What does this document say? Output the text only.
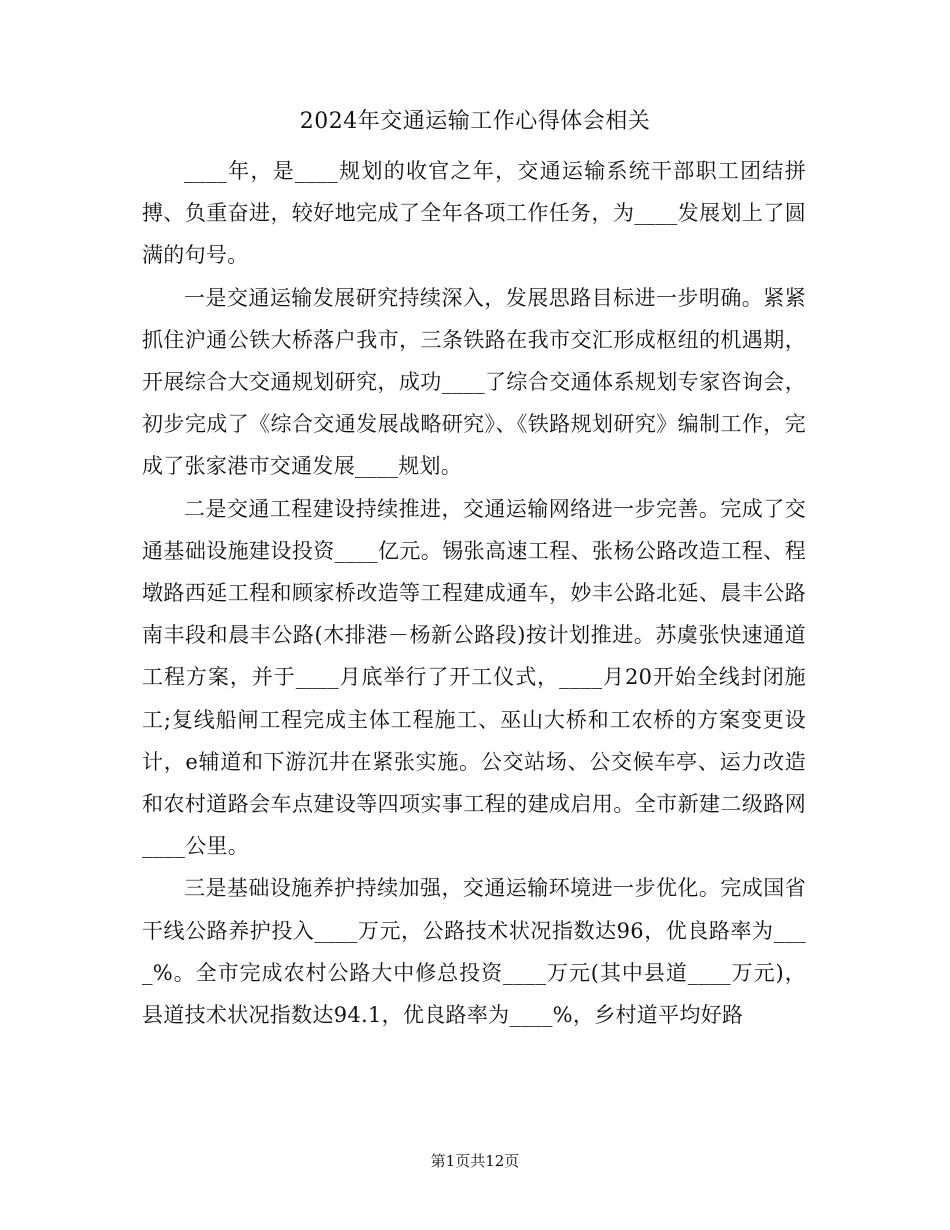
2024年交通运输工作心得体会相关

____年，是____规划的收官之年，交通运输系统干部职工团结拼搏、负重奋进，较好地完成了全年各项工作任务，为____发展划上了圆满的句号。

一是交通运输发展研究持续深入，发展思路目标进一步明确。紧紧抓住沪通公铁大桥落户我市，三条铁路在我市交汇形成枢纽的机遇期，开展综合大交通规划研究，成功____了综合交通体系规划专家咨询会，初步完成了《综合交通发展战略研究》、《铁路规划研究》编制工作，完成了张家港市交通发展____规划。

二是交通工程建设持续推进，交通运输网络进一步完善。完成了交通基础设施建设投资____亿元。锡张高速工程、张杨公路改造工程、程墩路西延工程和顾家桥改造等工程建成通车，妙丰公路北延、晨丰公路南丰段和晨丰公路(木排港－杨新公路段)按计划推进。苏虞张快速通道工程方案，并于____月底举行了开工仪式，____月20开始全线封闭施工;复线船闸工程完成主体工程施工、巫山大桥和工农桥的方案变更设计，e辅道和下游沉井在紧张实施。公交站场、公交候车亭、运力改造和农村道路会车点建设等四项实事工程的建成启用。全市新建二级路网____公里。

三是基础设施养护持续加强，交通运输环境进一步优化。完成国省干线公路养护投入____万元，公路技术状况指数达96，优良路率为____%。全市完成农村公路大中修总投资____万元(其中县道____万元)，县道技术状况指数达94.1，优良路率为____%，乡村道平均好路

第1页共12页
